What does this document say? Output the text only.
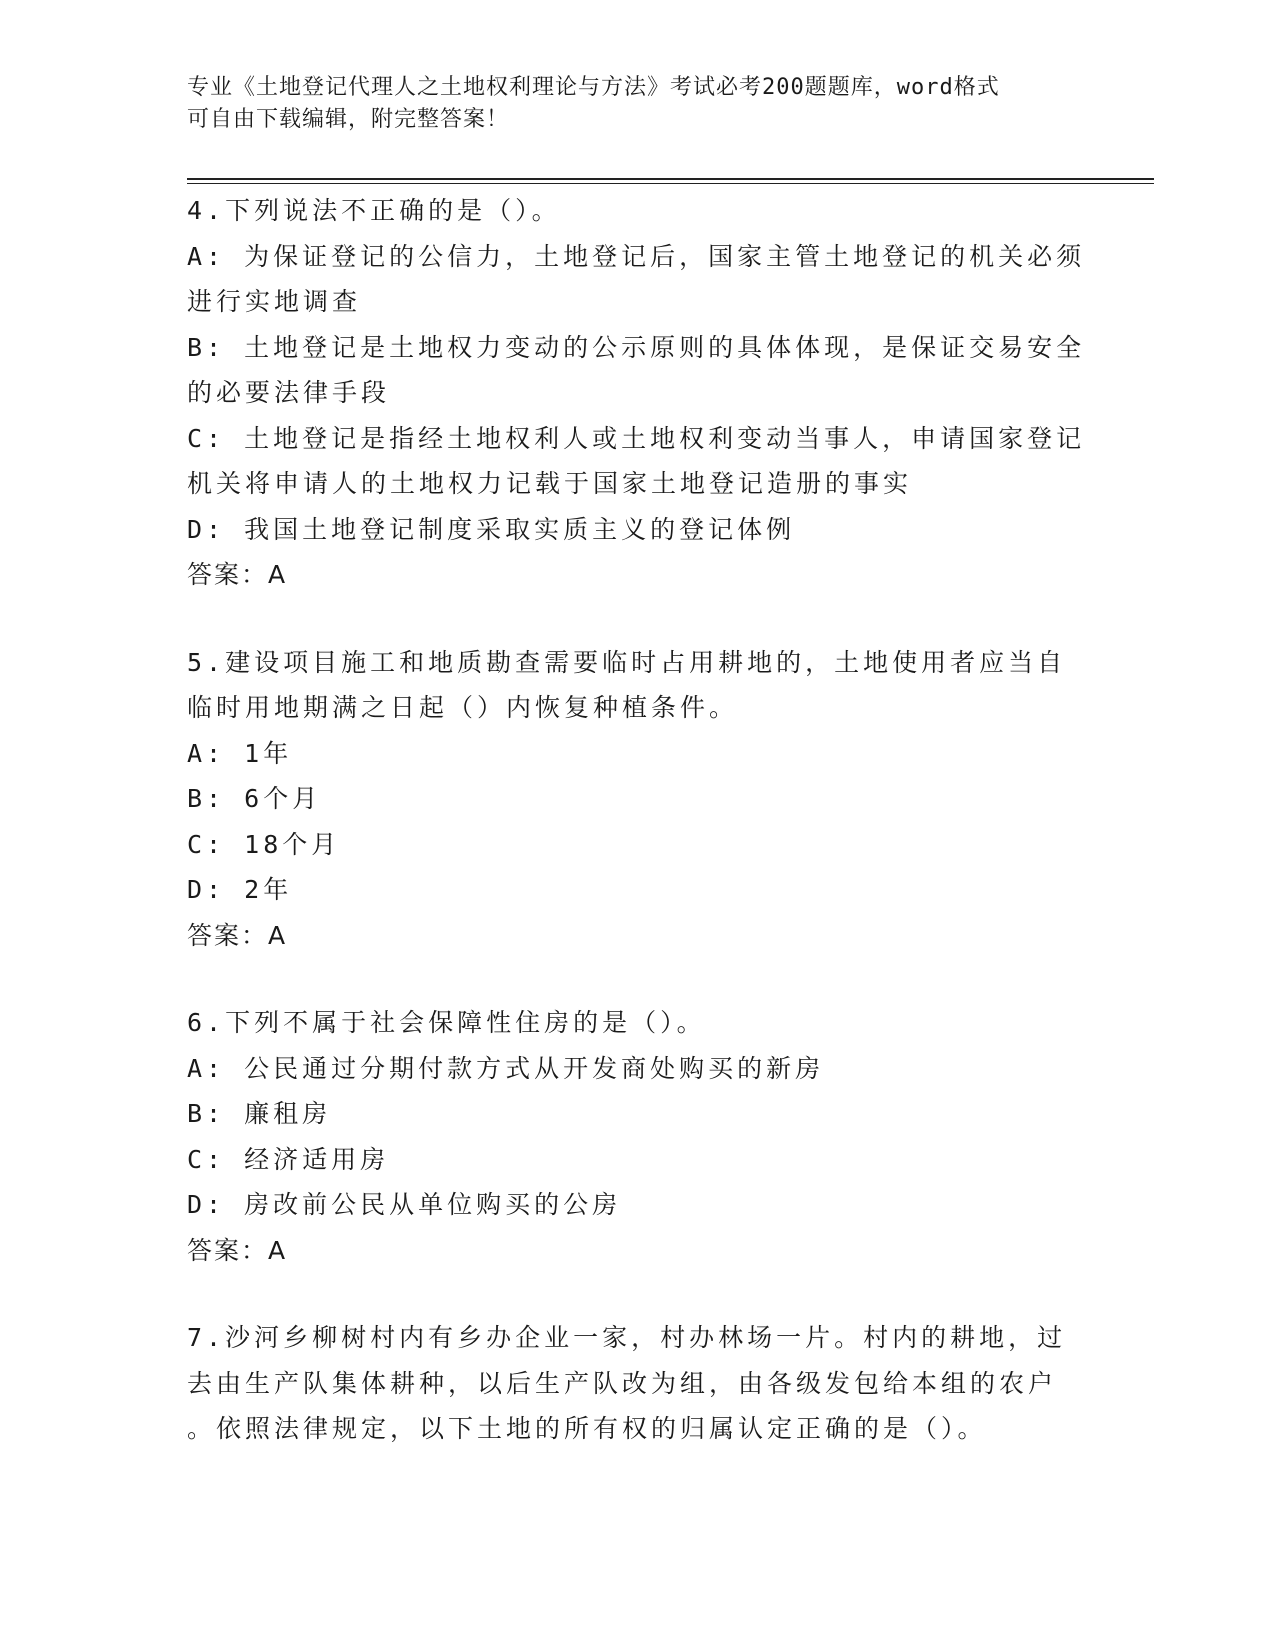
专业《土地登记代理人之土地权利理论与方法》考试必考200题题库，word格式
可自由下载编辑，附完整答案！
4.下列说法不正确的是（）。
A: 为保证登记的公信力，土地登记后，国家主管土地登记的机关必须
进行实地调查
B: 土地登记是土地权力变动的公示原则的具体体现，是保证交易安全
的必要法律手段
C: 土地登记是指经土地权利人或土地权利变动当事人，申请国家登记
机关将申请人的土地权力记载于国家土地登记造册的事实
D: 我国土地登记制度采取实质主义的登记体例
答案：A
5.建设项目施工和地质勘查需要临时占用耕地的，土地使用者应当自
临时用地期满之日起（）内恢复种植条件。
A: 1年
B: 6个月
C: 18个月
D: 2年
答案：A
6.下列不属于社会保障性住房的是（）。
A: 公民通过分期付款方式从开发商处购买的新房
B: 廉租房
C: 经济适用房
D: 房改前公民从单位购买的公房
答案：A
7.沙河乡柳树村内有乡办企业一家，村办林场一片。村内的耕地，过
去由生产队集体耕种，以后生产队改为组，由各级发包给本组的农户
。依照法律规定，以下土地的所有权的归属认定正确的是（）。
